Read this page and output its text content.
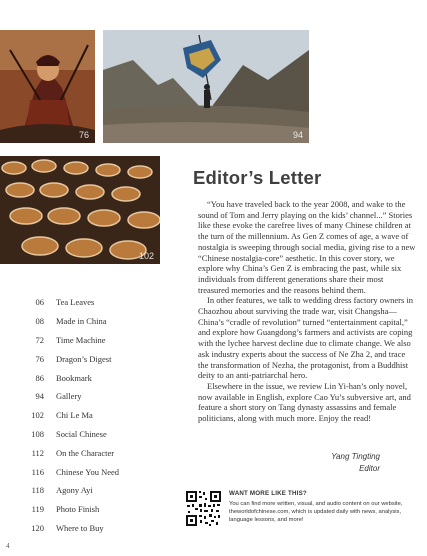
76	94
102
Editor’s Letter

“You have traveled back to the year 2008, and wake to the sound of Tom and Jerry playing on the kids’ channel...” Stories like these evoke the carefree lives of many Chinese children at the turn of the millennium. As Gen Z comes of age, a wave of nostalgia is sweeping through social media, giving rise to a new “Chinese nostalgia-core” aesthetic. In this cover story, we explore why China’s Gen Z is embracing the past, while six individuals from different generations share their most treasured memories and the reasons behind them.

In other features, we talk to wedding dress factory owners in Chaozhou about surviving the trade war, visit Changsha—China’s “cradle of revolution” turned “entertainment capital,” and explore how Guangdong’s farmers and activists are coping with the lychee harvest decline due to climate change. We also ask industry experts about the success of Ne Zha 2, and trace the transformation of Nezha, the protagonist, from a Buddhist deity to an anti-patriarchal hero.

Elsewhere in the issue, we review Lin Yi-han’s only novel, now available in English, explore Cao Yu’s subversive art, and feature a short story on Tang dynasty assassins and female politicians, along with much more. Enjoy the read!

Yang Tingting
Editor
06	Tea Leaves
08	Made in China
72	Time Machine
76	Dragon’s Digest
86	Bookmark
94	Gallery
102	Chi Le Ma
108	Social Chinese
112	On the Character
116	Chinese You Need
118	Agony Ayi
119	Photo Finish
120	Where to Buy
WANT MORE LIKE THIS?
You can find more written, visual, and audio content on our website, theworldofchinese.com, which is updated daily with news, analysis, language lessons, and more!
4
